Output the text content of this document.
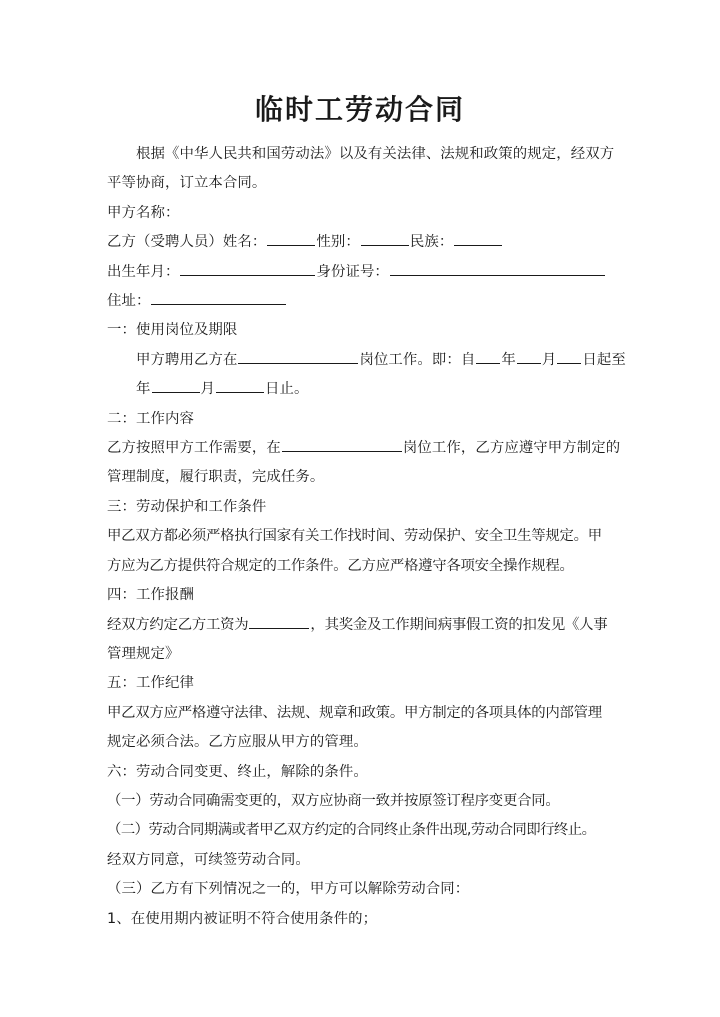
临时工劳动合同
根据《中华人民共和国劳动法》以及有关法律、法规和政策的规定，经双方
平等协商，订立本合同。
甲方名称：
乙方（受聘人员）姓名：	性别：	民族：
出生年月：	身份证号：
住址：
一：使用岗位及期限
甲方聘用乙方在	岗位工作。即：自 年 月 日起至
年	月	日止。
二：工作内容
乙方按照甲方工作需要，在	岗位工作，乙方应遵守甲方制定的
管理制度，履行职责，完成任务。
三：劳动保护和工作条件
甲乙双方都必须严格执行国家有关工作找时间、劳动保护、安全卫生等规定。甲
方应为乙方提供符合规定的工作条件。乙方应严格遵守各项安全操作规程。
四：工作报酬
经双方约定乙方工资为	，其奖金及工作期间病事假工资的扣发见《人事
管理规定》
五：工作纪律
甲乙双方应严格遵守法律、法规、规章和政策。甲方制定的各项具体的内部管理
规定必须合法。乙方应服从甲方的管理。
六：劳动合同变更、终止，解除的条件。
（一）劳动合同确需变更的，双方应协商一致并按原签订程序变更合同。
（二）劳动合同期满或者甲乙双方约定的合同终止条件出现,劳动合同即行终止。
经双方同意，可续签劳动合同。
（三）乙方有下列情况之一的，甲方可以解除劳动合同：
1、在使用期内被证明不符合使用条件的；
